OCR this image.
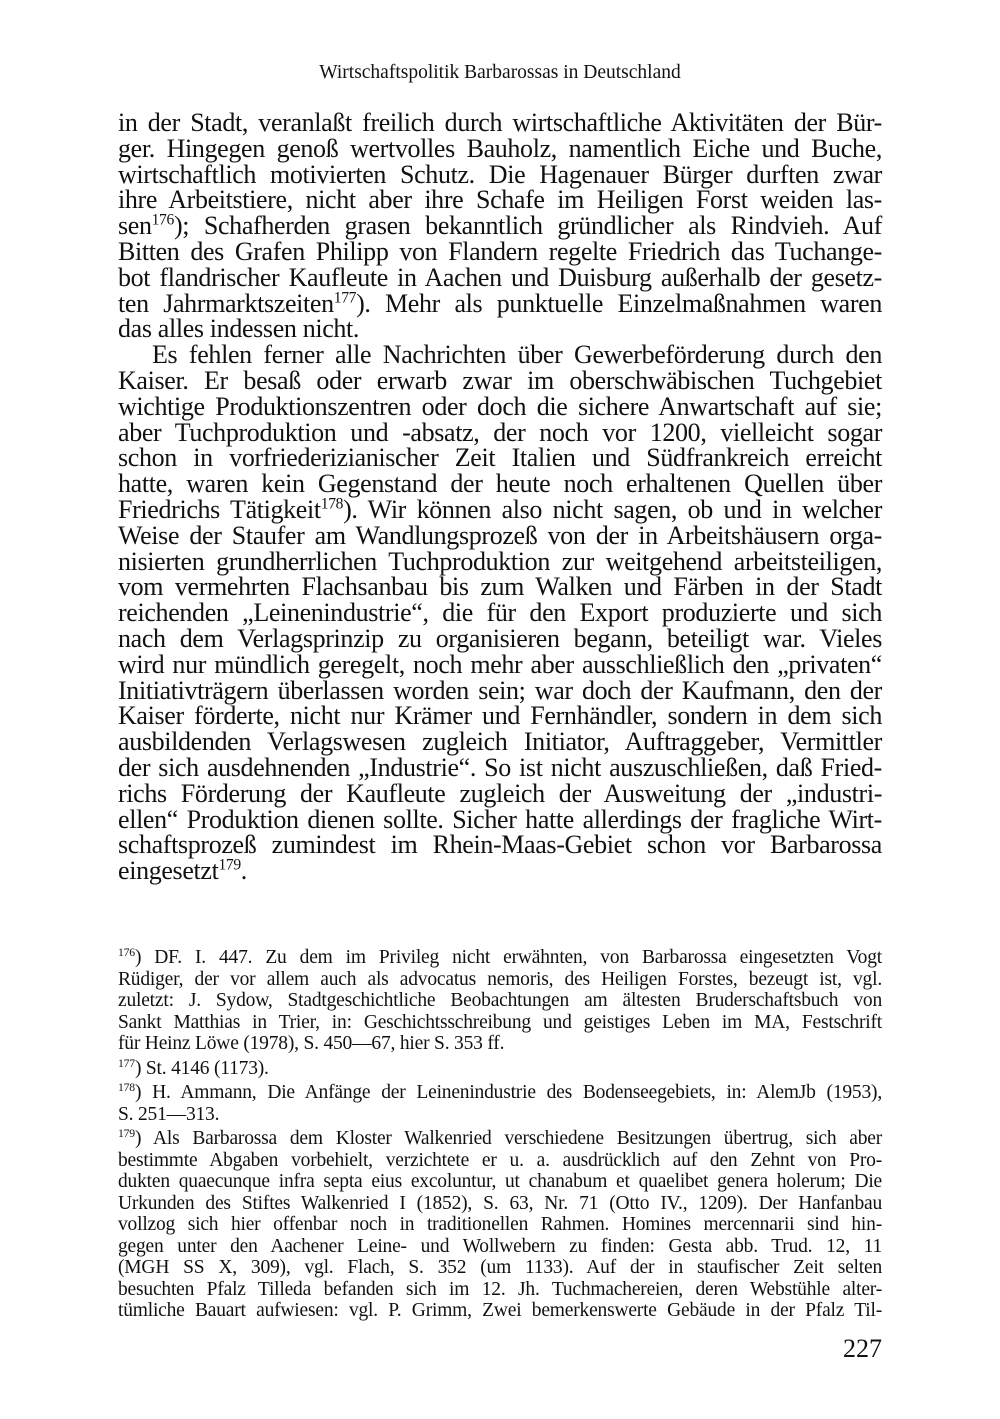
Wirtschaftspolitik Barbarossas in Deutschland
in der Stadt, veranlaßt freilich durch wirtschaftliche Aktivitäten der Bür-
ger. Hingegen genoß wertvolles Bauholz, namentlich Eiche und Buche,
wirtschaftlich motivierten Schutz. Die Hagenauer Bürger durften zwar
ihre Arbeitstiere, nicht aber ihre Schafe im Heiligen Forst weiden las-
sen$^{176}$); Schafherden grasen bekanntlich gründlicher als Rindvieh. Auf
Bitten des Grafen Philipp von Flandern regelte Friedrich das Tuchange-
bot flandrischer Kaufleute in Aachen und Duisburg außerhalb der gesetz-
ten Jahrmarktszeiten$^{177}$). Mehr als punktuelle Einzelmaßnahmen waren
das alles indessen nicht.
Es fehlen ferner alle Nachrichten über Gewerbeförderung durch den
Kaiser. Er besaß oder erwarb zwar im oberschwäbischen Tuchgebiet
wichtige Produktionszentren oder doch die sichere Anwartschaft auf sie;
aber Tuchproduktion und -absatz, der noch vor 1200, vielleicht sogar
schon in vorfriederizianischer Zeit Italien und Südfrankreich erreicht
hatte, waren kein Gegenstand der heute noch erhaltenen Quellen über
Friedrichs Tätigkeit$^{178}$). Wir können also nicht sagen, ob und in welcher
Weise der Staufer am Wandlungsprozeß von der in Arbeitshäusern orga-
nisierten grundherrlichen Tuchproduktion zur weitgehend arbeitsteiligen,
vom vermehrten Flachsanbau bis zum Walken und Färben in der Stadt
reichenden „Leinenindustrie“, die für den Export produzierte und sich
nach dem Verlagsprinzip zu organisieren begann, beteiligt war. Vieles
wird nur mündlich geregelt, noch mehr aber ausschließlich den „privaten“
Initiativträgern überlassen worden sein; war doch der Kaufmann, den der
Kaiser förderte, nicht nur Krämer und Fernhändler, sondern in dem sich
ausbildenden Verlagswesen zugleich Initiator, Auftraggeber, Vermittler
der sich ausdehnenden „Industrie“. So ist nicht auszuschließen, daß Fried-
richs Förderung der Kaufleute zugleich der Ausweitung der „industri-
ellen“ Produktion dienen sollte. Sicher hatte allerdings der fragliche Wirt-
schaftsprozeß zumindest im Rhein-Maas-Gebiet schon vor Barbarossa
eingesetzt$^{179}$.
$^{176}$) DF. I. 447. Zu dem im Privileg nicht erwähnten, von Barbarossa eingesetzten Vogt
Rüdiger, der vor allem auch als advocatus nemoris, des Heiligen Forstes, bezeugt ist, vgl.
zuletzt: J. Sydow, Stadtgeschichtliche Beobachtungen am ältesten Bruderschaftsbuch von
Sankt Matthias in Trier, in: Geschichtsschreibung und geistiges Leben im MA, Festschrift
für Heinz Löwe (1978), S. 450—67, hier S. 353 ff.
$^{177}$) St. 4146 (1173).
$^{178}$) H. Ammann, Die Anfänge der Leinenindustrie des Bodenseegebiets, in: AlemJb (1953),
S. 251—313.
$^{179}$) Als Barbarossa dem Kloster Walkenried verschiedene Besitzungen übertrug, sich aber
bestimmte Abgaben vorbehielt, verzichtete er u. a. ausdrücklich auf den Zehnt von Pro-
dukten quaecunque infra septa eius excoluntur, ut chanabum et quaelibet genera holerum; Die
Urkunden des Stiftes Walkenried I (1852), S. 63, Nr. 71 (Otto IV., 1209). Der Hanfanbau
vollzog sich hier offenbar noch in traditionellen Rahmen. Homines mercennarii sind hin-
gegen unter den Aachener Leine- und Wollwebern zu finden: Gesta abb. Trud. 12, 11
(MGH SS X, 309), vgl. Flach, S. 352 (um 1133). Auf der in staufischer Zeit selten
besuchten Pfalz Tilleda befanden sich im 12. Jh. Tuchmachereien, deren Webstühle alter-
tümliche Bauart aufwiesen: vgl. P. Grimm, Zwei bemerkenswerte Gebäude in der Pfalz Til-
227
